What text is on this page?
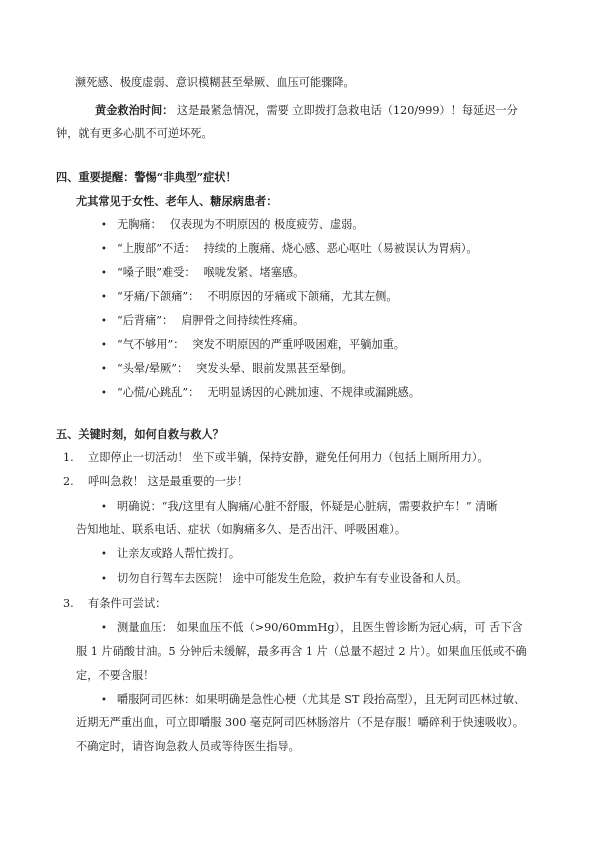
濒死感、极度虚弱、意识模糊甚至晕厥、血压可能骤降。
黄金救治时间： 这是最紧急情况，需要 立即拨打急救电话（120/999）！每延迟一分
钟，就有更多心肌不可逆坏死。
四、重要提醒：警惕“非典型”症状！
尤其常见于女性、老年人、糖尿病患者：
• 无胸痛： 仅表现为不明原因的 极度疲劳、虚弱。
• “上腹部”不适： 持续的上腹痛、烧心感、恶心呕吐（易被误认为胃病）。
• “嗓子眼”难受： 喉咙发紧、堵塞感。
• “牙痛/下颌痛”： 不明原因的牙痛或下颌痛，尤其左侧。
• “后背痛”： 肩胛骨之间持续性疼痛。
• “气不够用”： 突发不明原因的严重呼吸困难，平躺加重。
• “头晕/晕厥”： 突发头晕、眼前发黑甚至晕倒。
• “心慌/心跳乱”： 无明显诱因的心跳加速、不规律或漏跳感。
五、关键时刻，如何自救与救人？
1. 立即停止一切活动！ 坐下或半躺，保持安静，避免任何用力（包括上厕所用力）。
2. 呼叫急救！ 这是最重要的一步！
• 明确说：“我/这里有人胸痛/心脏不舒服，怀疑是心脏病，需要救护车！” 清晰
告知地址、联系电话、症状（如胸痛多久、是否出汗、呼吸困难）。
• 让亲友或路人帮忙拨打。
• 切勿自行驾车去医院！ 途中可能发生危险，救护车有专业设备和人员。
3. 有条件可尝试：
• 测量血压： 如果血压不低（>90/60mmHg），且医生曾诊断为冠心病，可 舌下含
服 1 片硝酸甘油。5 分钟后未缓解，最多再含 1 片（总量不超过 2 片）。如果血压低或不确
定，不要含服！
• 嚼服阿司匹林：如果明确是急性心梗（尤其是 ST 段抬高型），且无阿司匹林过敏、
近期无严重出血，可立即嚼服 300 毫克阿司匹林肠溶片（不是存服！嚼碎利于快速吸收）。
不确定时，请咨询急救人员或等待医生指导。
